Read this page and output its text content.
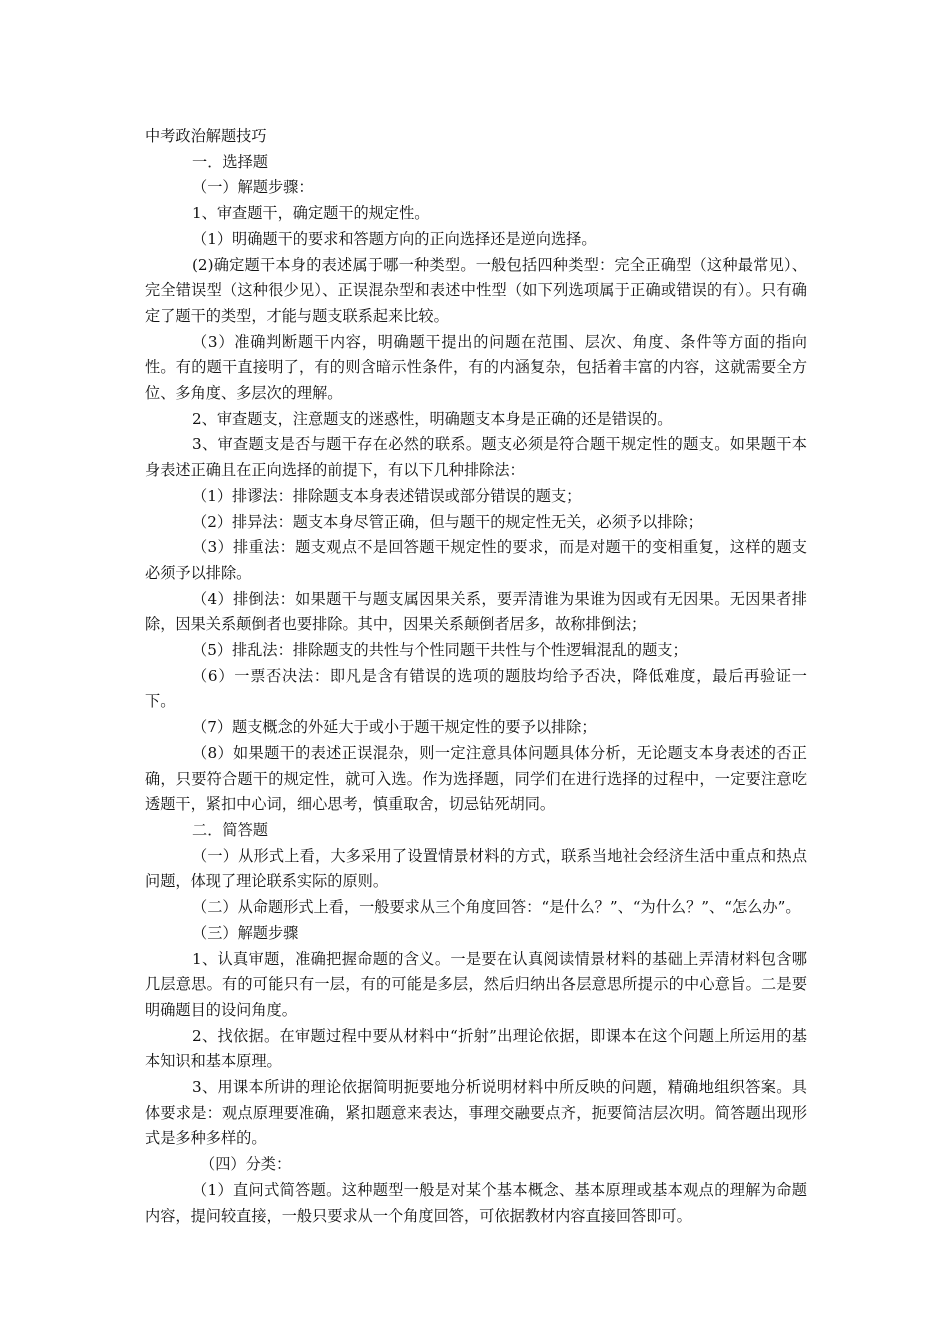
中考政治解题技巧

一．选择题

（一）解题步骤：

1、审查题干，确定题干的规定性。

（1）明确题干的要求和答题方向的正向选择还是逆向选择。

(2)确定题干本身的表述属于哪一种类型。一般包括四种类型：完全正确型（这种最常见）、完全错误型（这种很少见）、正误混杂型和表述中性型（如下列选项属于正确或错误的有）。只有确定了题干的类型，才能与题支联系起来比较。

（3）准确判断题干内容，明确题干提出的问题在范围、层次、角度、条件等方面的指向性。有的题干直接明了，有的则含暗示性条件，有的内涵复杂，包括着丰富的内容，这就需要全方位、多角度、多层次的理解。

2、审查题支，注意题支的迷惑性，明确题支本身是正确的还是错误的。

3、审查题支是否与题干存在必然的联系。题支必须是符合题干规定性的题支。如果题干本身表述正确且在正向选择的前提下，有以下几种排除法：

（1）排谬法：排除题支本身表述错误或部分错误的题支；

（2）排异法：题支本身尽管正确，但与题干的规定性无关，必须予以排除；

（3）排重法：题支观点不是回答题干规定性的要求，而是对题干的变相重复，这样的题支必须予以排除。

（4）排倒法：如果题干与题支属因果关系，要弄清谁为果谁为因或有无因果。无因果者排除，因果关系颠倒者也要排除。其中，因果关系颠倒者居多，故称排倒法；

（5）排乱法：排除题支的共性与个性同题干共性与个性逻辑混乱的题支；

（6）一票否决法：即凡是含有错误的选项的题肢均给予否决，降低难度，最后再验证一下。

（7）题支概念的外延大于或小于题干规定性的要予以排除；

（8）如果题干的表述正误混杂，则一定注意具体问题具体分析，无论题支本身表述的否正确，只要符合题干的规定性，就可入选。作为选择题，同学们在进行选择的过程中，一定要注意吃透题干，紧扣中心词，细心思考，慎重取舍，切忌钻死胡同。

二．简答题

（一）从形式上看，大多采用了设置情景材料的方式，联系当地社会经济生活中重点和热点问题，体现了理论联系实际的原则。

（二）从命题形式上看，一般要求从三个角度回答：“是什么？”、“为什么？”、“怎么办”。

（三）解题步骤

1、认真审题，准确把握命题的含义。一是要在认真阅读情景材料的基础上弄清材料包含哪几层意思。有的可能只有一层，有的可能是多层，然后归纳出各层意思所提示的中心意旨。二是要明确题目的设问角度。

2、找依据。在审题过程中要从材料中“折射”出理论依据，即课本在这个问题上所运用的基本知识和基本原理。

3、用课本所讲的理论依据简明扼要地分析说明材料中所反映的问题，精确地组织答案。具体要求是：观点原理要准确，紧扣题意来表达，事理交融要点齐，扼要简洁层次明。简答题出现形式是多种多样的。

（四）分类：

（1）直问式简答题。这种题型一般是对某个基本概念、基本原理或基本观点的理解为命题内容，提问较直接，一般只要求从一个角度回答，可依据教材内容直接回答即可。
